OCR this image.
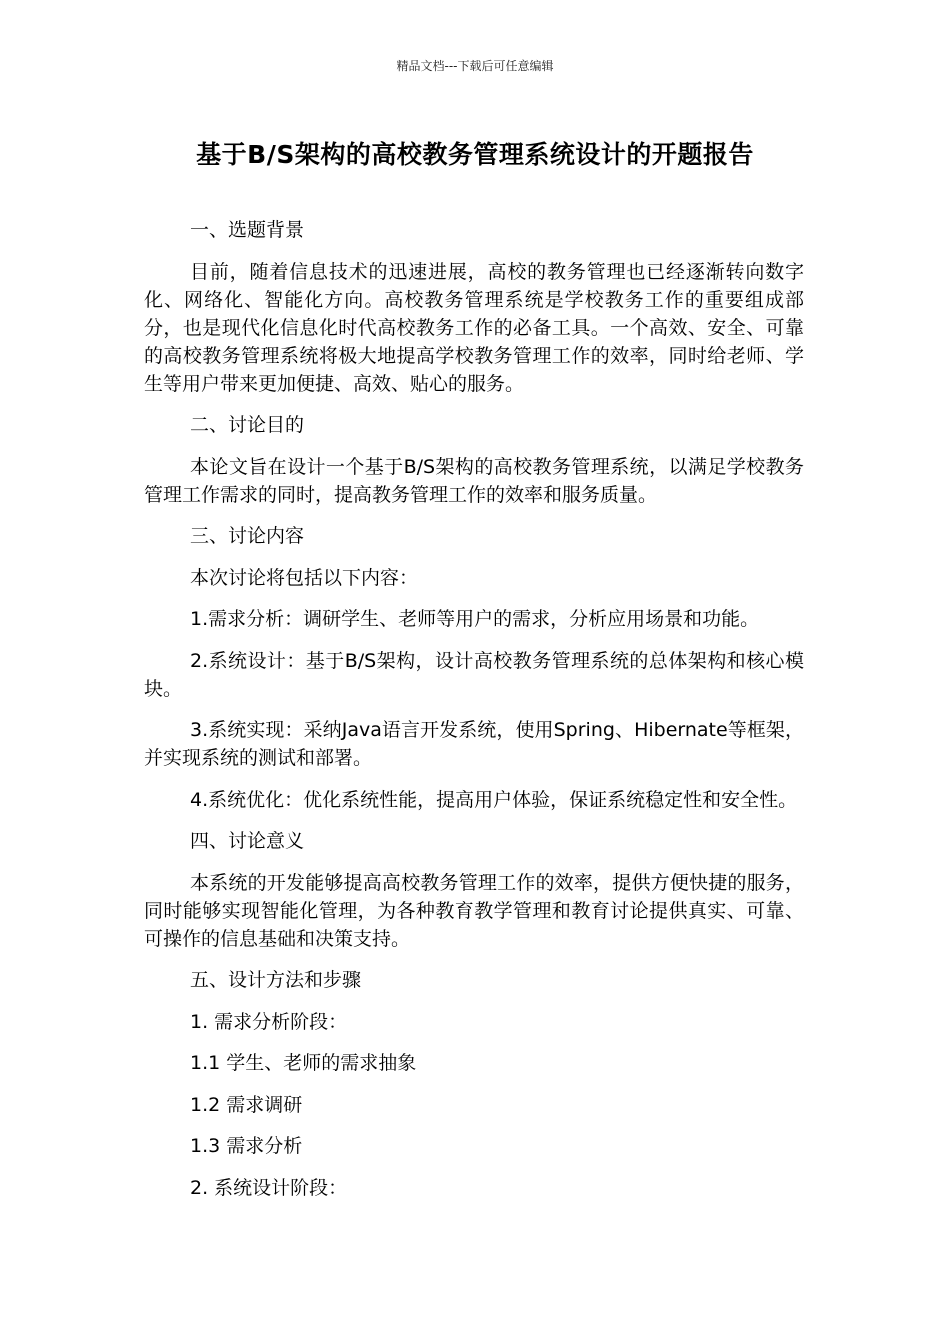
精品文档---下载后可任意编辑
基于B/S架构的高校教务管理系统设计的开题报告

一、选题背景

目前，随着信息技术的迅速进展，高校的教务管理也已经逐渐转向数字化、网络化、智能化方向。高校教务管理系统是学校教务工作的重要组成部分，也是现代化信息化时代高校教务工作的必备工具。一个高效、安全、可靠的高校教务管理系统将极大地提高学校教务管理工作的效率，同时给老师、学生等用户带来更加便捷、高效、贴心的服务。

二、讨论目的

本论文旨在设计一个基于B/S架构的高校教务管理系统，以满足学校教务管理工作需求的同时，提高教务管理工作的效率和服务质量。

三、讨论内容

本次讨论将包括以下内容：

1.需求分析：调研学生、老师等用户的需求，分析应用场景和功能。

2.系统设计：基于B/S架构，设计高校教务管理系统的总体架构和核心模块。

3.系统实现：采纳Java语言开发系统，使用Spring、Hibernate等框架，并实现系统的测试和部署。

4.系统优化：优化系统性能，提高用户体验，保证系统稳定性和安全性。

四、讨论意义

本系统的开发能够提高高校教务管理工作的效率，提供方便快捷的服务，同时能够实现智能化管理，为各种教育教学管理和教育讨论提供真实、可靠、可操作的信息基础和决策支持。

五、设计方法和步骤

1. 需求分析阶段：

1.1 学生、老师的需求抽象

1.2 需求调研

1.3 需求分析

2. 系统设计阶段：
